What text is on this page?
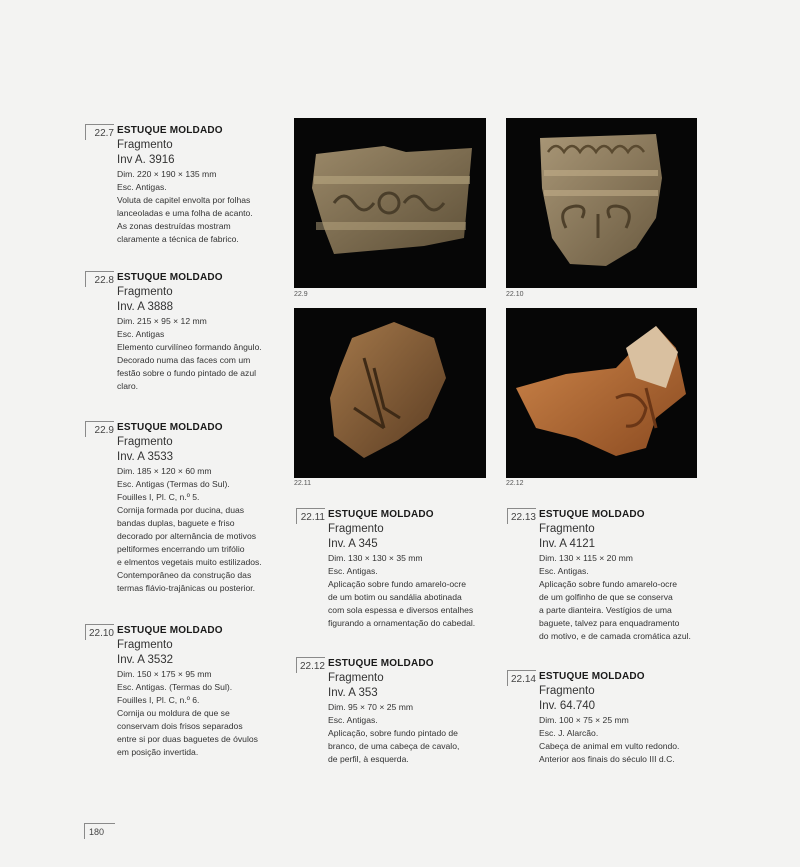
22.9	22.10
22.11	22.12
22.7 ESTUQUE MOLDADO
Fragmento
Inv A. 3916
Dim. 220 × 190 × 135 mm
Esc. Antigas.
Voluta de capitel envolta por folhas
lanceoladas e uma folha de acanto.
As zonas destruídas mostram
claramente a técnica de fabrico.
22.8 ESTUQUE MOLDADO
Fragmento
Inv. A 3888
Dim. 215 × 95 × 12 mm
Esc. Antigas
Elemento curvilíneo formando ângulo.
Decorado numa das faces com um
festão sobre o fundo pintado de azul
claro.
22.9 ESTUQUE MOLDADO
Fragmento
Inv. A 3533
Dim. 185 × 120 × 60 mm
Esc. Antigas (Termas do Sul).
Fouilles I, Pl. C, n.º 5.
Cornija formada por ducina, duas
bandas duplas, baguete e friso
decorado por alternância de motivos
peltiformes encerrando um trifólio
e elmentos vegetais muito estilizados.
Contemporâneo da construção das
termas flávio-trajânicas ou posterior.
22.10 ESTUQUE MOLDADO
Fragmento
Inv. A 3532
Dim. 150 × 175 × 95 mm
Esc. Antigas. (Termas do Sul).
Fouilles I, Pl. C, n.º 6.
Cornija ou moldura de que se
conservam dois frisos separados
entre si por duas baguetes de óvulos
em posição invertida.
22.11 ESTUQUE MOLDADO
Fragmento
Inv. A 345
Dim. 130 × 130 × 35 mm
Esc. Antigas.
Aplicação sobre fundo amarelo-ocre
de um botim ou sandália abotinada
com sola espessa e diversos entalhes
figurando a ornamentação do cabedal.
22.12 ESTUQUE MOLDADO
Fragmento
Inv. A 353
Dim. 95 × 70 × 25 mm
Esc. Antigas.
Aplicação, sobre fundo pintado de
branco, de uma cabeça de cavalo,
de perfil, à esquerda.
22.13 ESTUQUE MOLDADO
Fragmento
Inv. A 4121
Dim. 130 × 115 × 20 mm
Esc. Antigas.
Aplicação sobre fundo amarelo-ocre
de um golfinho de que se conserva
a parte dianteira. Vestígios de uma
baguete, talvez para enquadramento
do motivo, e de camada cromática azul.
22.14 ESTUQUE MOLDADO
Fragmento
Inv. 64.740
Dim. 100 × 75 × 25 mm
Esc. J. Alarcão.
Cabeça de animal em vulto redondo.
Anterior aos finais do século III d.C.
180
